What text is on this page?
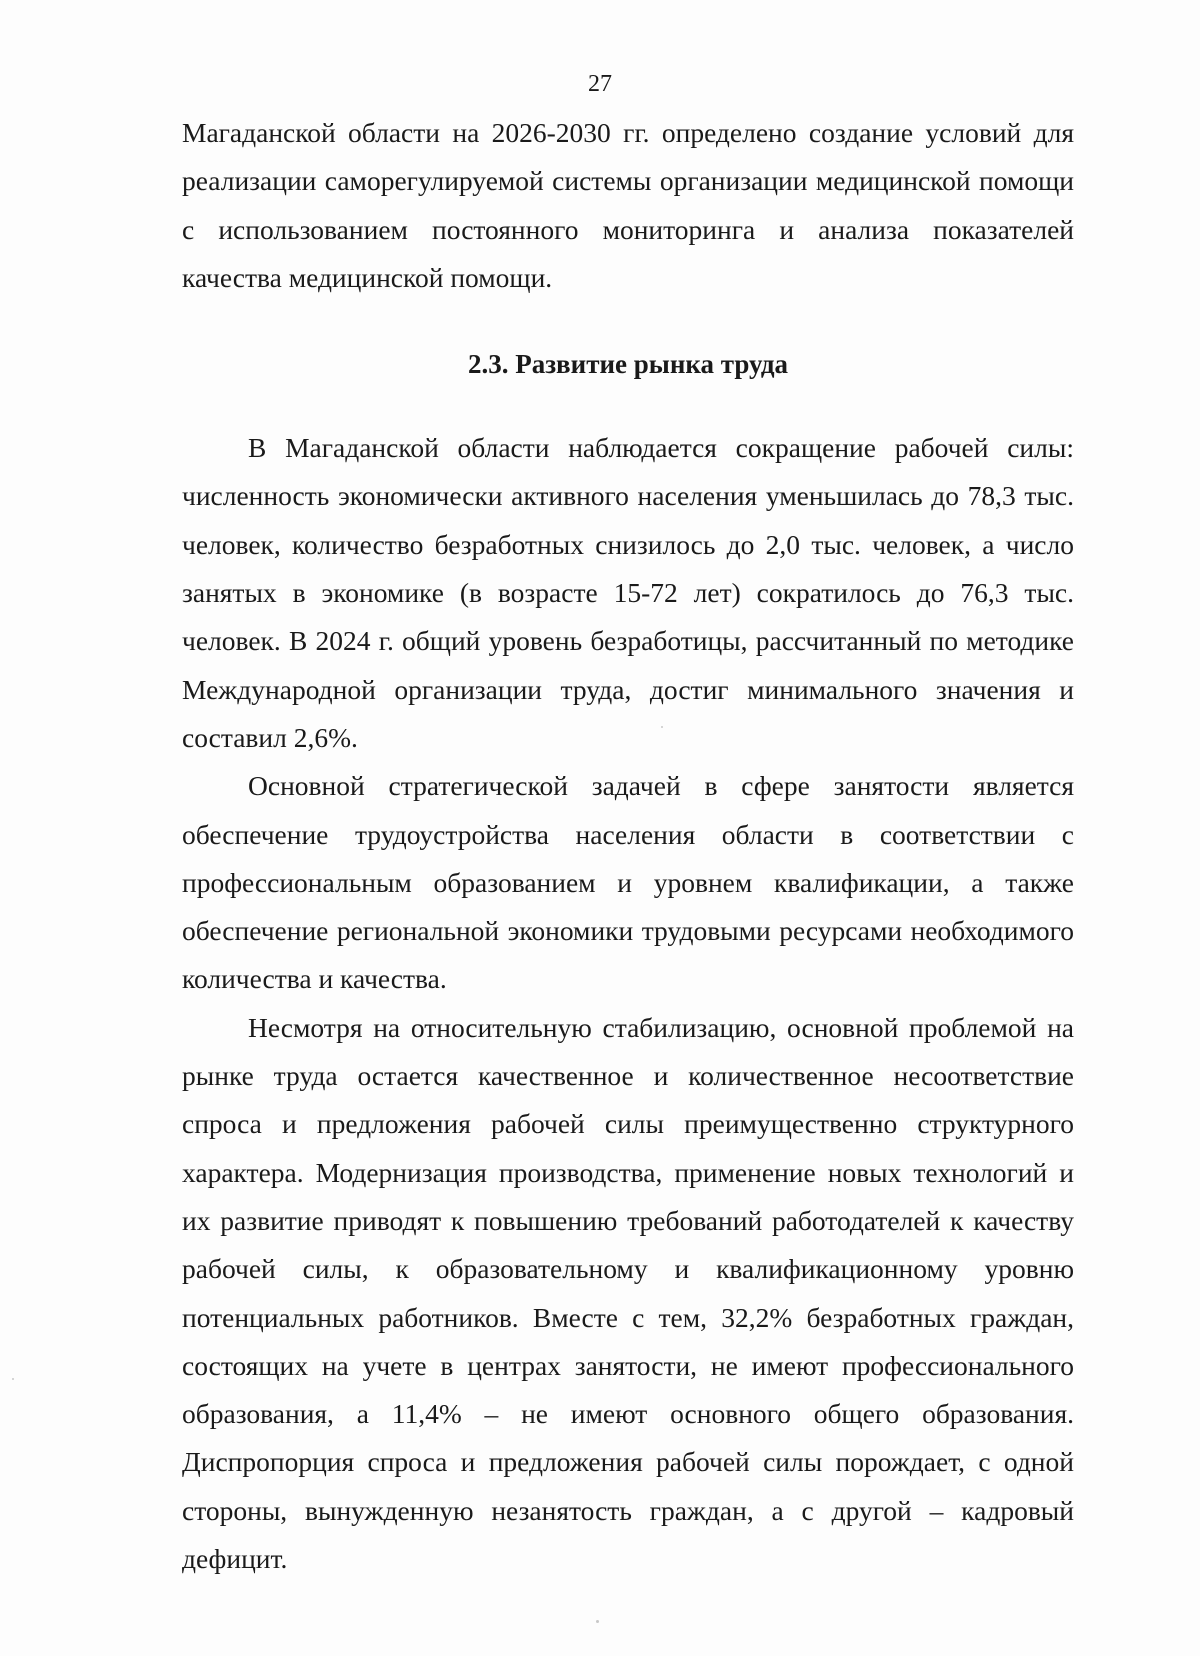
27

Магаданской области на 2026-2030 гг. определено создание условий для реализации саморегулируемой системы организации медицинской помощи с использованием постоянного мониторинга и анализа показателей качества медицинской помощи.

2.3. Развитие рынка труда

В Магаданской области наблюдается сокращение рабочей силы: численность экономически активного населения уменьшилась до 78,3 тыс. человек, количество безработных снизилось до 2,0 тыс. человек, а число занятых в экономике (в возрасте 15-72 лет) сократилось до 76,3 тыс. человек. В 2024 г. общий уровень безработицы, рассчитанный по методике Международной организации труда, достиг минимального значения и составил 2,6%.

Основной стратегической задачей в сфере занятости является обеспечение трудоустройства населения области в соответствии с профессиональным образованием и уровнем квалификации, а также обеспечение региональной экономики трудовыми ресурсами необходимого количества и качества.

Несмотря на относительную стабилизацию, основной проблемой на рынке труда остается качественное и количественное несоответствие спроса и предложения рабочей силы преимущественно структурного характера. Модернизация производства, применение новых технологий и их развитие приводят к повышению требований работодателей к качеству рабочей силы, к образовательному и квалификационному уровню потенциальных работников. Вместе с тем, 32,2% безработных граждан, состоящих на учете в центрах занятости, не имеют профессионального образования, а 11,4% – не имеют основного общего образования. Диспропорция спроса и предложения рабочей силы порождает, с одной стороны, вынужденную незанятость граждан, а с другой – кадровый дефицит.
